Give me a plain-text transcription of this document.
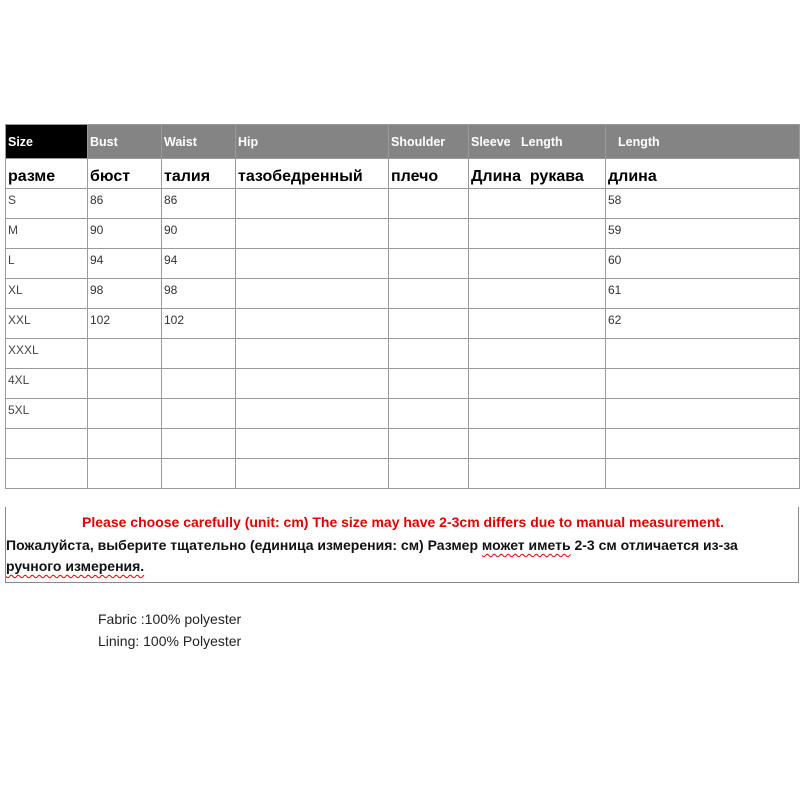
Size	Bust	Waist	Hip	Shoulder	Sleeve   Length	Length
разме	бюст	талия	тазобедренный	плечо	Длина  рукава	длина
S	86	86				58
M	90	90				59
L	94	94				60
XL	98	98				61
XXL	102	102				62
XXXL						
4XL						
5XL						

Please choose carefully (unit: cm) The size may have 2-3cm differs due to manual measurement.
Пожалуйста, выберите тщательно (единица измерения: см) Размер может иметь 2-3 см отличается из-за
ручного измерения.
Fabric :100% polyester
Lining: 100% Polyester
